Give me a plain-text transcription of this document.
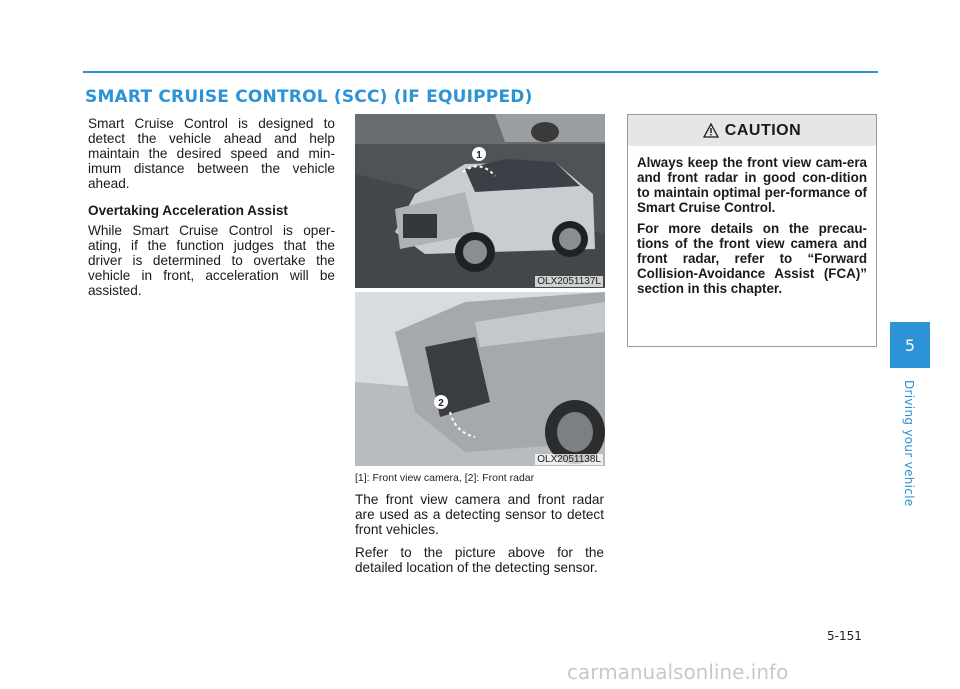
SMART CRUISE CONTROL (SCC) (IF EQUIPPED)

Smart Cruise Control is designed to detect the vehicle ahead and help maintain the desired speed and min-imum distance between the vehicle ahead.

Overtaking Acceleration Assist

While Smart Cruise Control is oper-ating, if the function judges that the driver is determined to overtake the vehicle in front, acceleration will be assisted.

1
OLX2051137L
2
OLX2051138L
[1]: Front view camera, [2]: Front radar

The front view camera and front radar are used as a detecting sensor to detect front vehicles.

Refer to the picture above for the detailed location of the detecting sensor.

CAUTION

Always keep the front view cam-era and front radar in good con-dition to maintain optimal per-formance of Smart Cruise Control.

For more details on the precau-tions of the front view camera and front radar, refer to “Forward Collision-Avoidance Assist (FCA)” section in this chapter.

5
Driving your vehicle
5-151
carmanualsonline.info
